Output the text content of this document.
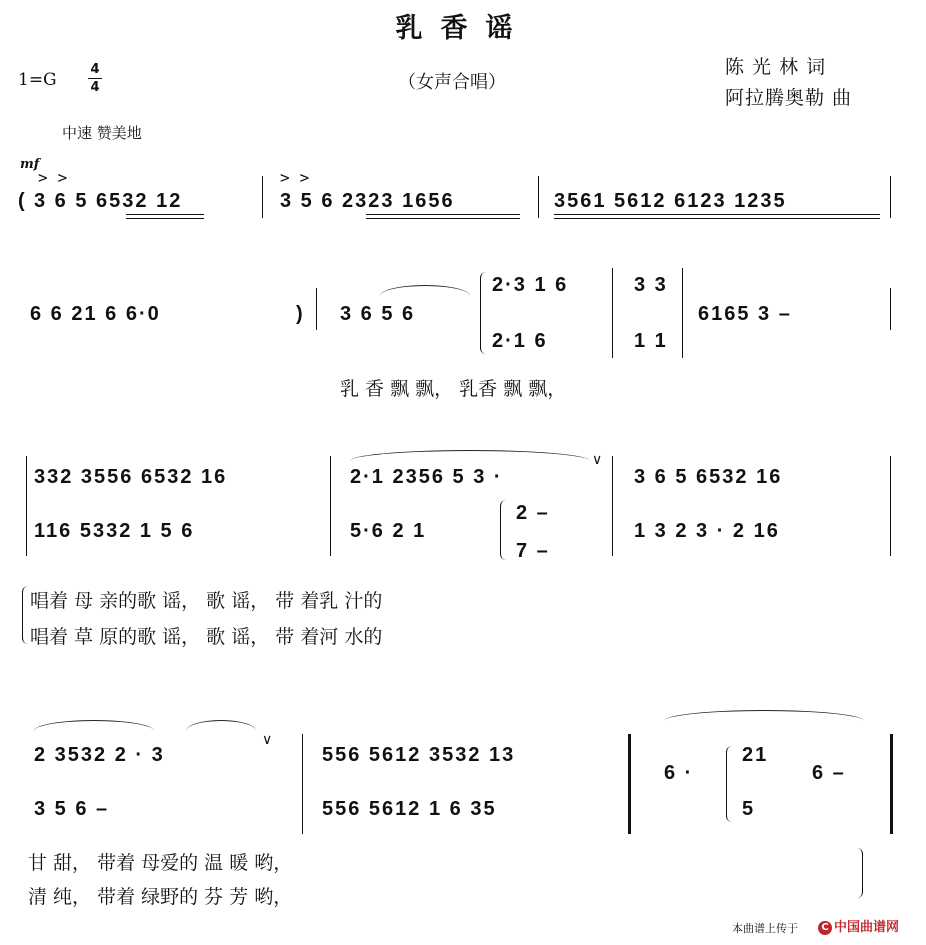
乳香谣
1=G
4
4	（女声合唱）
陈 光 林 词
阿拉腾奥勒 曲
中速 赞美地
mf
>>	>>
( 3 6 5 6532 12	3 5 6 2323 1656	3561 5612 6123 1235
6 6 21 6 6·0	) 3 6 5 6
2·3 1 6
2·1 6
3 3
1 1
6165 3 –
乳 香 飘 飘， 乳香 飘 飘，
332 3556 6532 16
116 5332 1 5 6
2·1 2356 5 3 ·
∨
5·6 2 1
2 –
7 –
3 6 5 6532 16
1 3 2 3 · 2 16
唱着 母 亲的歌 谣， 歌 谣， 带 着乳 汁的
唱着 草 原的歌 谣， 歌 谣， 带 着河 水的
∨
2 3532 2 · 3
3 5 6 –
556 5612 3532 13
556 5612 1 6 35
6 ·
21
5
6 –
甘 甜， 带着 母爱的 温 暖 哟，
清 纯， 带着 绿野的 芬 芳 哟，
本曲谱上传于	C 中国曲谱网
